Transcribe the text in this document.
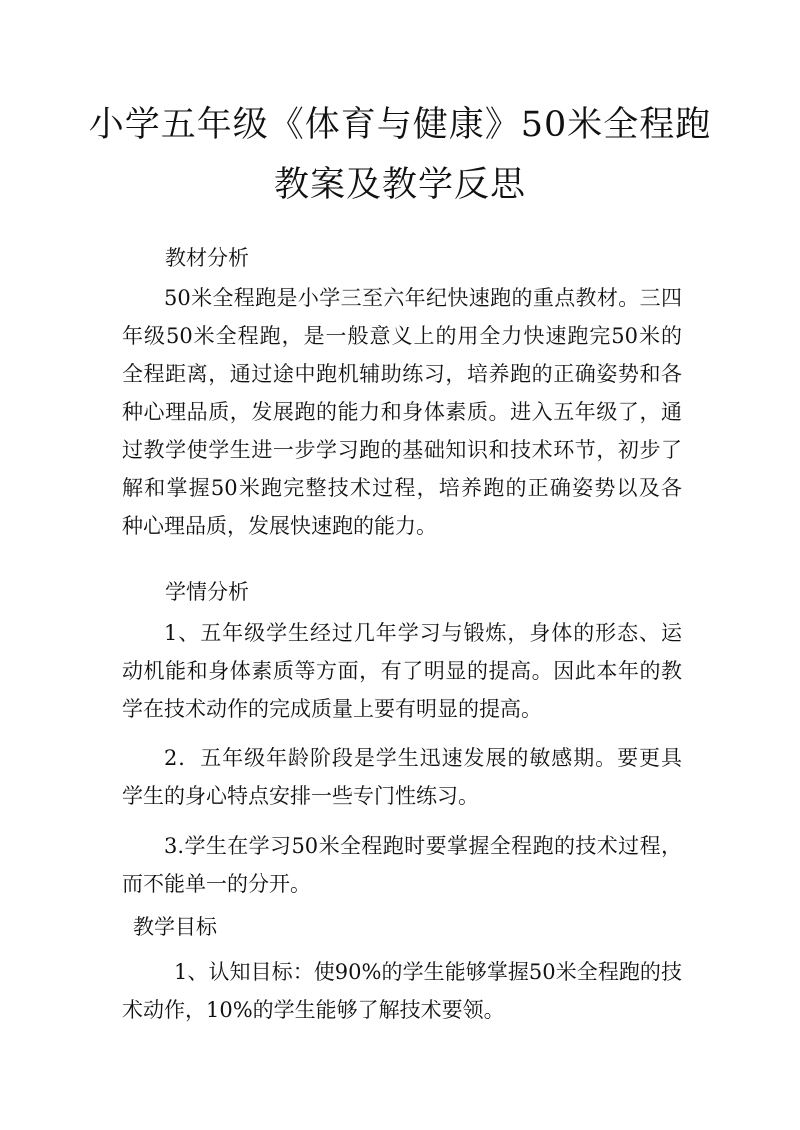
小学五年级《体育与健康》50米全程跑
教案及教学反思
教材分析
50米全程跑是小学三至六年纪快速跑的重点教材。三四
年级50米全程跑，是一般意义上的用全力快速跑完50米的
全程距离，通过途中跑机辅助练习，培养跑的正确姿势和各
种心理品质，发展跑的能力和身体素质。进入五年级了，通
过教学使学生进一步学习跑的基础知识和技术环节，初步了
解和掌握50米跑完整技术过程，培养跑的正确姿势以及各
种心理品质，发展快速跑的能力。
学情分析
1、五年级学生经过几年学习与锻炼，身体的形态、运
动机能和身体素质等方面，有了明显的提高。因此本年的教
学在技术动作的完成质量上要有明显的提高。
2．五年级年龄阶段是学生迅速发展的敏感期。要更具
学生的身心特点安排一些专门性练习。
3.学生在学习50米全程跑时要掌握全程跑的技术过程，
而不能单一的分开。
教学目标
1、认知目标：使90%的学生能够掌握50米全程跑的技
术动作，10%的学生能够了解技术要领。
